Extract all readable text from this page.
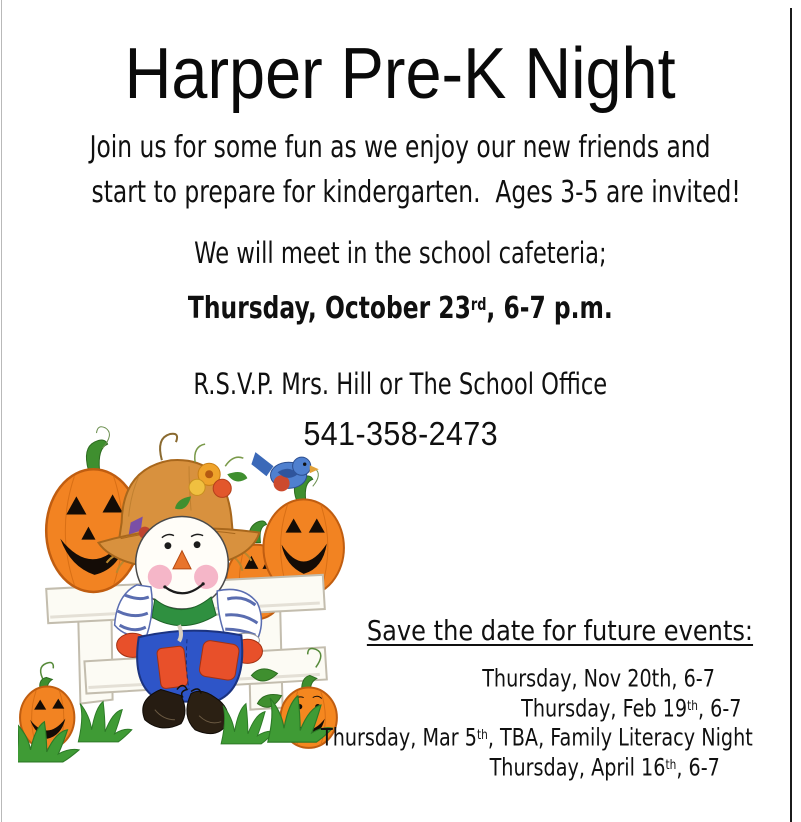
Harper Pre-K Night
Join us for some fun as we enjoy our new friends and
start to prepare for kindergarten.  Ages 3-5 are invited!
We will meet in the school cafeteria;
Thursday, October 23rd, 6-7 p.m.
R.S.V.P. Mrs. Hill or The School Office
541-358-2473
Save the date for future events:
Thursday, Nov 20th, 6-7
Thursday, Feb 19th, 6-7
Thursday, Mar 5th, TBA, Family Literacy Night
Thursday, April 16th, 6-7
